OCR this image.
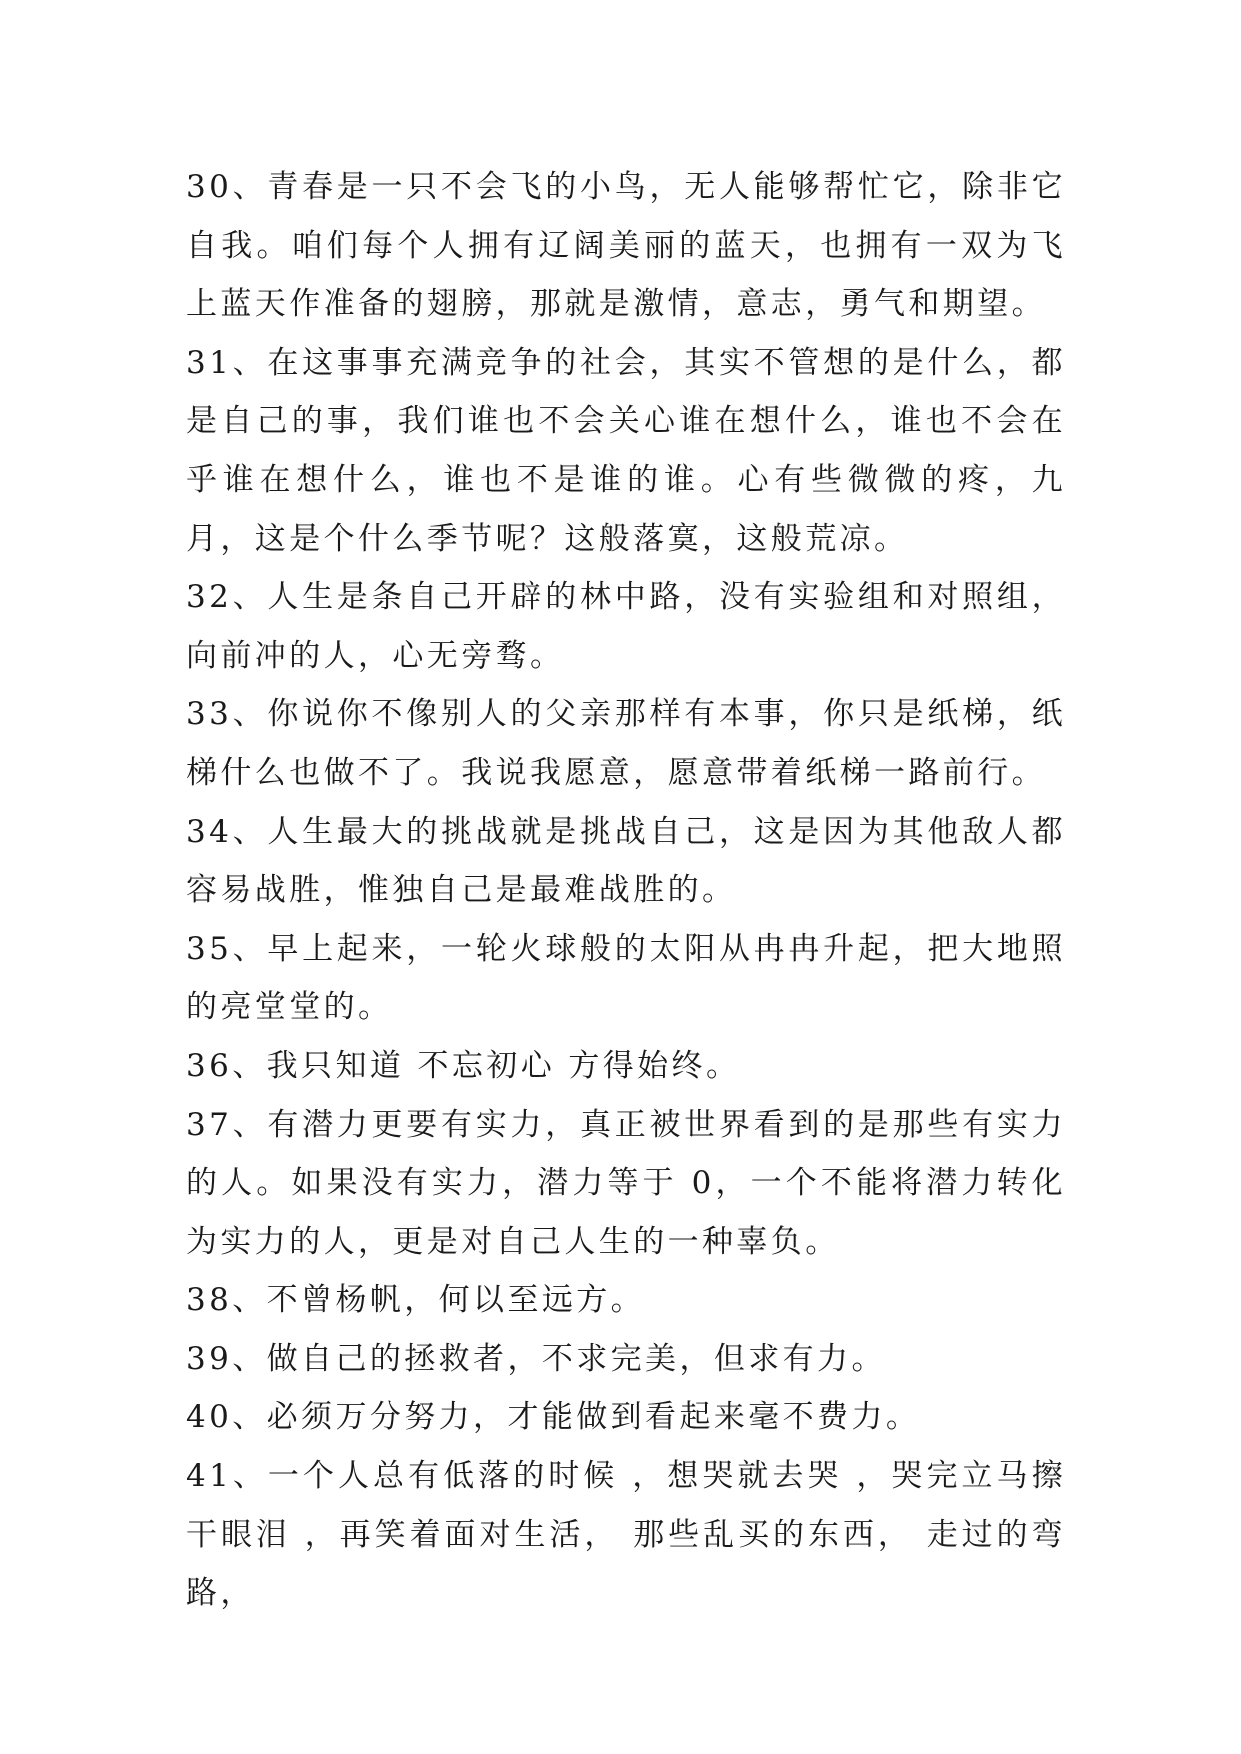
30、青春是一只不会飞的小鸟，无人能够帮忙它，除非它自我。咱们每个人拥有辽阔美丽的蓝天，也拥有一双为飞上蓝天作准备的翅膀，那就是激情，意志，勇气和期望。

31、在这事事充满竞争的社会，其实不管想的是什么，都是自己的事，我们谁也不会关心谁在想什么，谁也不会在乎谁在想什么，谁也不是谁的谁。心有些微微的疼，九月，这是个什么季节呢？这般落寞，这般荒凉。

32、人生是条自己开辟的林中路，没有实验组和对照组，向前冲的人，心无旁骛。

33、你说你不像别人的父亲那样有本事，你只是纸梯，纸梯什么也做不了。我说我愿意，愿意带着纸梯一路前行。

34、人生最大的挑战就是挑战自己，这是因为其他敌人都容易战胜，惟独自己是最难战胜的。

35、早上起来，一轮火球般的太阳从冉冉升起，把大地照的亮堂堂的。

36、我只知道 不忘初心 方得始终。

37、有潜力更要有实力，真正被世界看到的是那些有实力的人。如果没有实力，潜力等于 0，一个不能将潜力转化为实力的人，更是对自己人生的一种辜负。

38、不曾杨帆，何以至远方。

39、做自己的拯救者，不求完美，但求有力。

40、必须万分努力，才能做到看起来毫不费力。

41、一个人总有低落的时候 ，想哭就去哭 ，哭完立马擦干眼泪 ，再笑着面对生活， 那些乱买的东西， 走过的弯路，
